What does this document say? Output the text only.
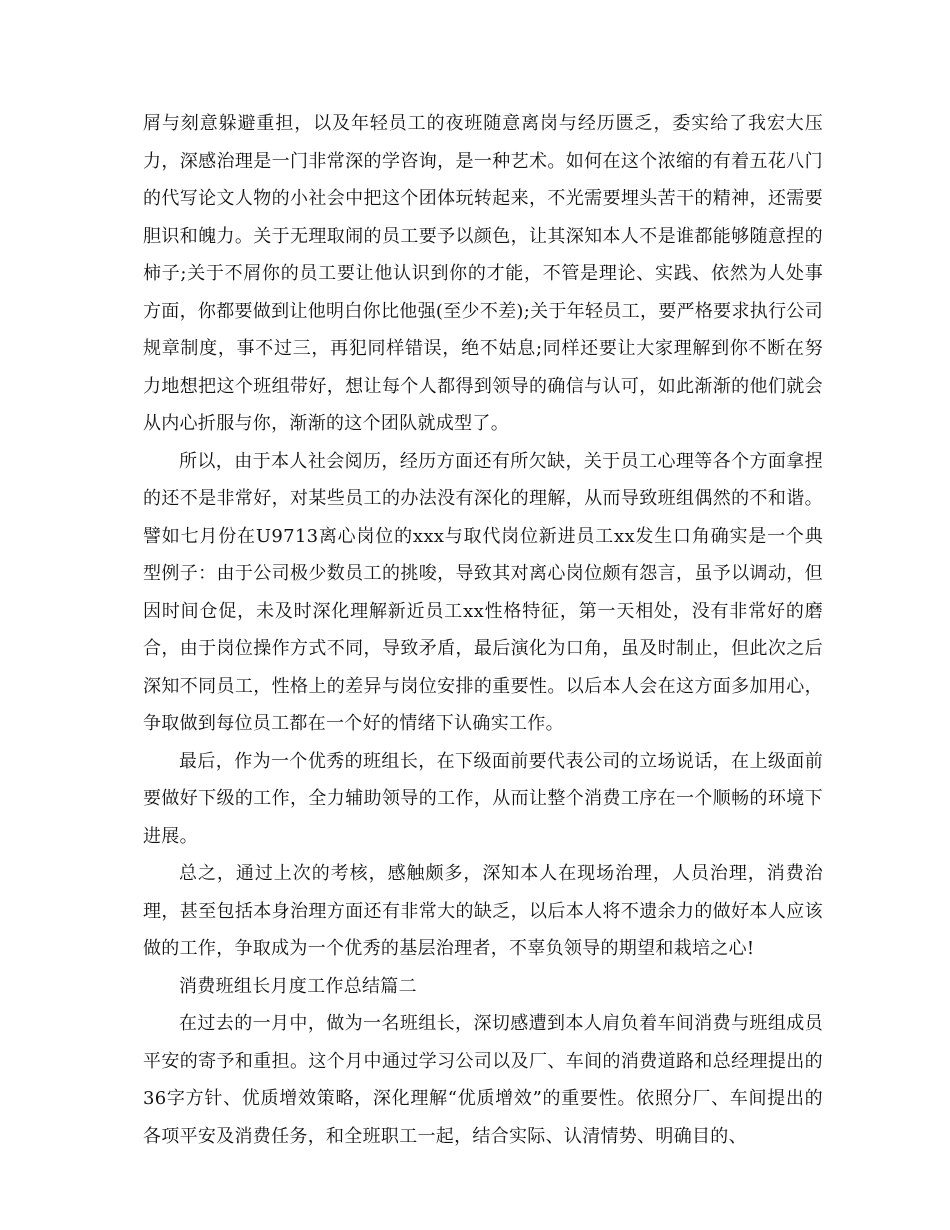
屑与刻意躲避重担，以及年轻员工的夜班随意离岗与经历匮乏，委实给了我宏大压力，深感治理是一门非常深的学咨询，是一种艺术。如何在这个浓缩的有着五花八门的代写论文人物的小社会中把这个团体玩转起来，不光需要埋头苦干的精神，还需要胆识和魄力。关于无理取闹的员工要予以颜色，让其深知本人不是谁都能够随意捏的柿子;关于不屑你的员工要让他认识到你的才能，不管是理论、实践、依然为人处事方面，你都要做到让他明白你比他强(至少不差);关于年轻员工，要严格要求执行公司规章制度，事不过三，再犯同样错误，绝不姑息;同样还要让大家理解到你不断在努力地想把这个班组带好，想让每个人都得到领导的确信与认可，如此渐渐的他们就会从内心折服与你，渐渐的这个团队就成型了。

所以，由于本人社会阅历，经历方面还有所欠缺，关于员工心理等各个方面拿捏的还不是非常好，对某些员工的办法没有深化的理解，从而导致班组偶然的不和谐。譬如七月份在U9713离心岗位的xxx与取代岗位新进员工xx发生口角确实是一个典型例子：由于公司极少数员工的挑唆，导致其对离心岗位颇有怨言，虽予以调动，但因时间仓促，未及时深化理解新近员工xx性格特征，第一天相处，没有非常好的磨合，由于岗位操作方式不同，导致矛盾，最后演化为口角，虽及时制止，但此次之后深知不同员工，性格上的差异与岗位安排的重要性。以后本人会在这方面多加用心，争取做到每位员工都在一个好的情绪下认确实工作。

最后，作为一个优秀的班组长，在下级面前要代表公司的立场说话，在上级面前要做好下级的工作，全力辅助领导的工作，从而让整个消费工序在一个顺畅的环境下进展。

总之，通过上次的考核，感触颇多，深知本人在现场治理，人员治理，消费治理，甚至包括本身治理方面还有非常大的缺乏，以后本人将不遗余力的做好本人应该做的工作，争取成为一个优秀的基层治理者，不辜负领导的期望和栽培之心!

消费班组长月度工作总结篇二

在过去的一月中，做为一名班组长，深切感遭到本人肩负着车间消费与班组成员平安的寄予和重担。这个月中通过学习公司以及厂、车间的消费道路和总经理提出的36字方针、优质增效策略，深化理解“优质增效”的重要性。依照分厂、车间提出的各项平安及消费任务，和全班职工一起，结合实际、认清情势、明确目的、
